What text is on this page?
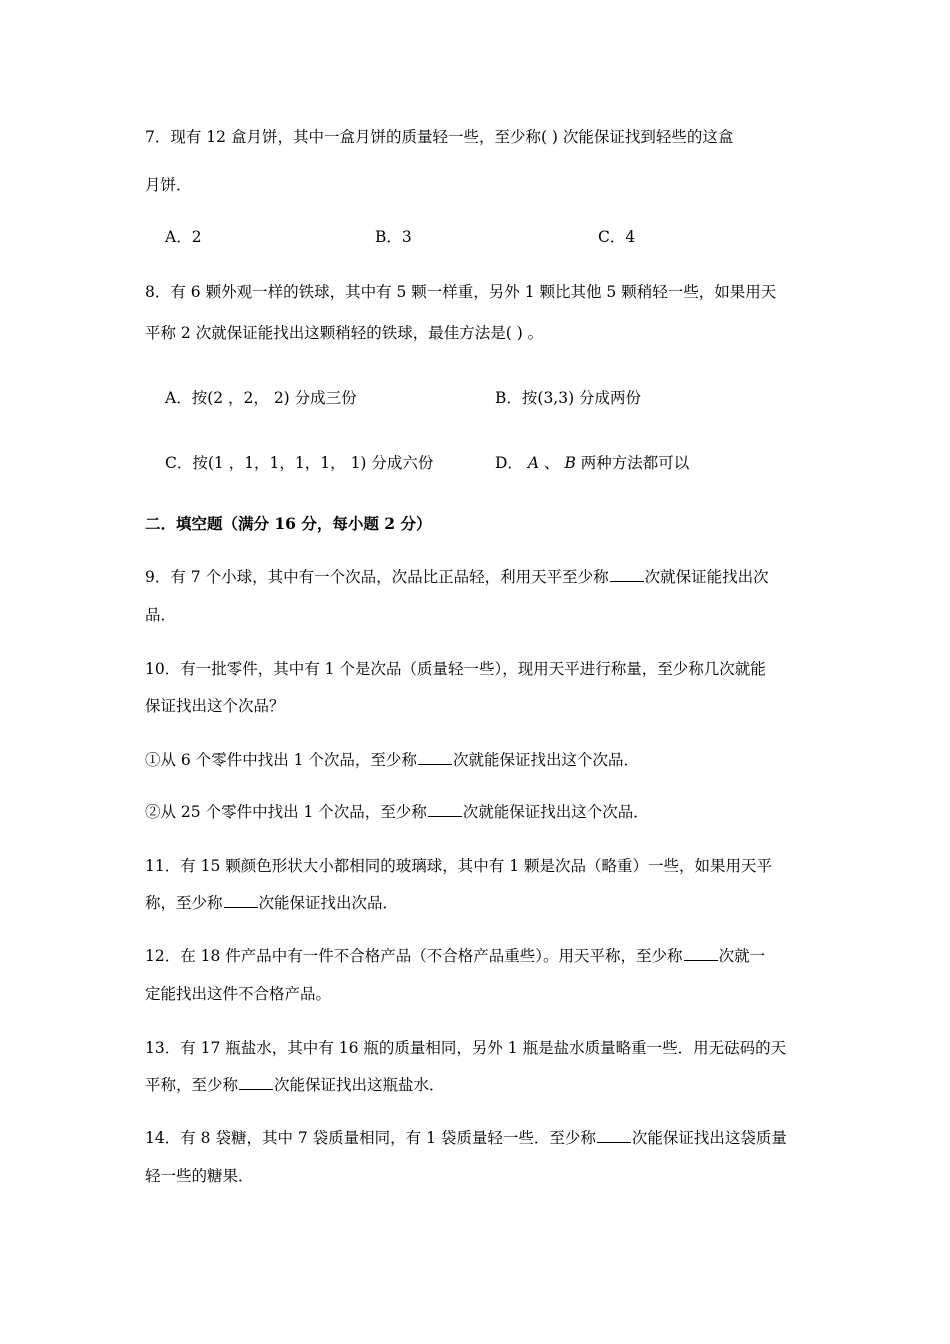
7．现有 12 盒月饼，其中一盒月饼的质量轻一些，至少称( ) 次能保证找到轻些的这盒
月饼．
A．2	B．3	C．4
8．有 6 颗外观一样的铁球，其中有 5 颗一样重，另外 1 颗比其他 5 颗稍轻一些，如果用天
平称 2 次就保证能找出这颗稍轻的铁球，最佳方法是( ) 。
A．按(2 ，2， 2) 分成三份	B．按(3,3) 分成两份
C．按(1 ，1，1，1，1， 1) 分成六份	D． A 、 B 两种方法都可以
二．填空题（满分 16 分，每小题 2 分）
9．有 7 个小球，其中有一个次品，次品比正品轻，利用天平至少称 次就保证能找出次
品．
10．有一批零件，其中有 1 个是次品（质量轻一些），现用天平进行称量，至少称几次就能
保证找出这个次品？
①从 6 个零件中找出 1 个次品，至少称 次就能保证找出这个次品．
②从 25 个零件中找出 1 个次品，至少称 次就能保证找出这个次品．
11．有 15 颗颜色形状大小都相同的玻璃球，其中有 1 颗是次品（略重）一些，如果用天平
称，至少称 次能保证找出次品．
12．在 18 件产品中有一件不合格产品（不合格产品重些）。用天平称，至少称 次就一
定能找出这件不合格产品。
13．有 17 瓶盐水，其中有 16 瓶的质量相同，另外 1 瓶是盐水质量略重一些．用无砝码的天
平称，至少称 次能保证找出这瓶盐水．
14．有 8 袋糖，其中 7 袋质量相同，有 1 袋质量轻一些．至少称 次能保证找出这袋质量
轻一些的糖果．
